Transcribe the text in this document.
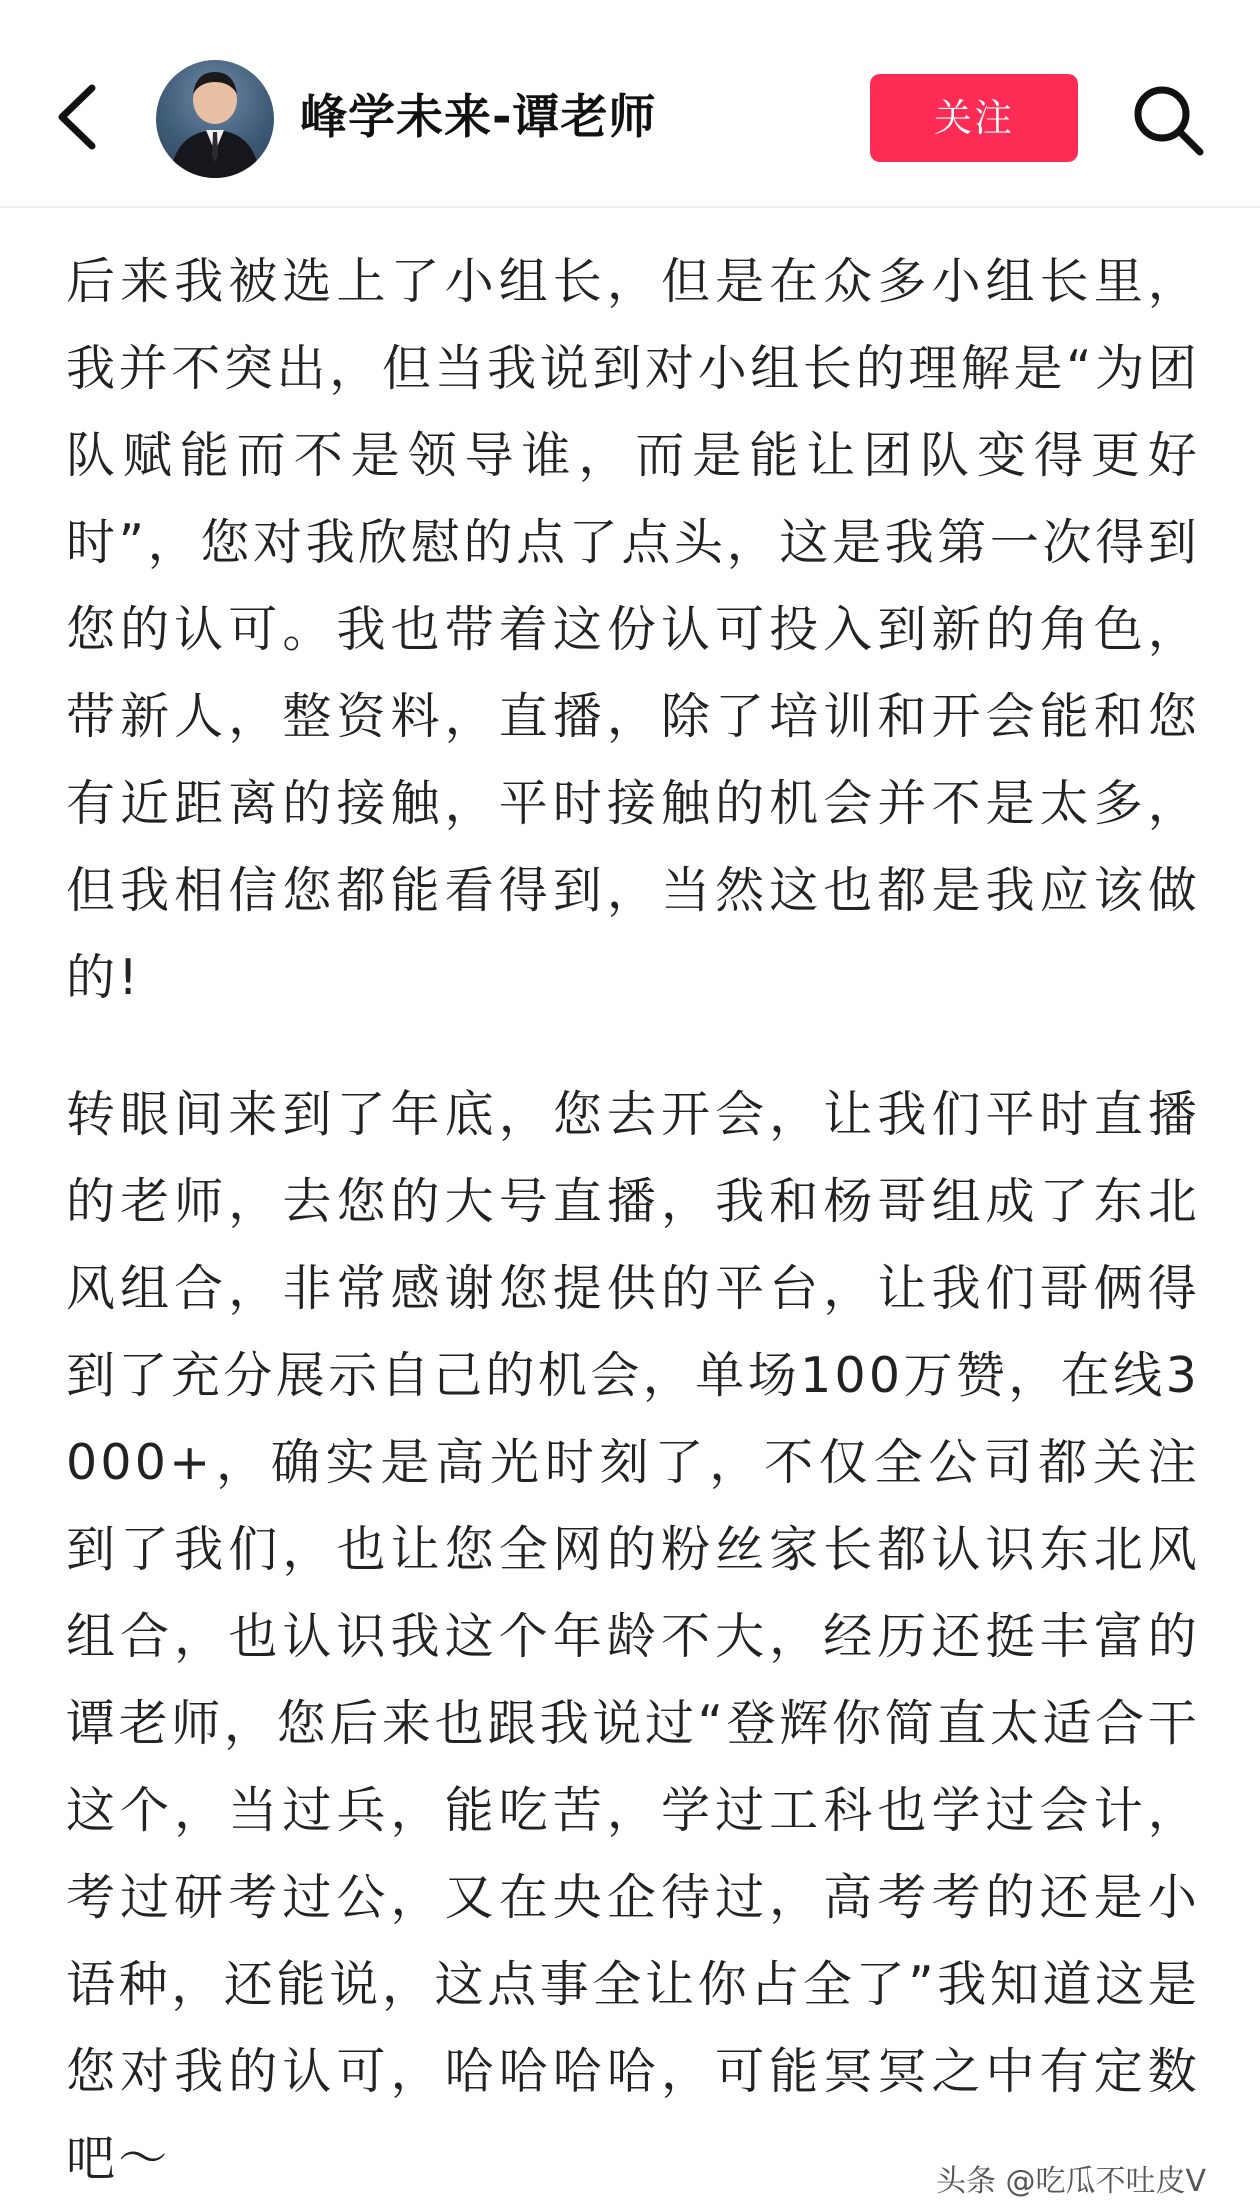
峰学未来-谭老师	关注

后来我被选上了小组长，但是在众多小组长里，我并不突出，但当我说到对小组长的理解是“为团队赋能而不是领导谁，而是能让团队变得更好时”，您对我欣慰的点了点头，这是我第一次得到您的认可。我也带着这份认可投入到新的角色，带新人，整资料，直播，除了培训和开会能和您有近距离的接触，平时接触的机会并不是太多，但我相信您都能看得到，当然这也都是我应该做的!

转眼间来到了年底，您去开会，让我们平时直播的老师，去您的大号直播，我和杨哥组成了东北风组合，非常感谢您提供的平台，让我们哥俩得到了充分展示自己的机会，单场100万赞，在线3000+，确实是高光时刻了，不仅全公司都关注到了我们，也让您全网的粉丝家长都认识东北风组合，也认识我这个年龄不大，经历还挺丰富的谭老师，您后来也跟我说过“登辉你简直太适合干这个，当过兵，能吃苦，学过工科也学过会计，考过研考过公，又在央企待过，高考考的还是小语种，还能说，这点事全让你占全了”我知道这是您对我的认可，哈哈哈哈，可能冥冥之中有定数吧～	头条 @吃瓜不吐皮V
